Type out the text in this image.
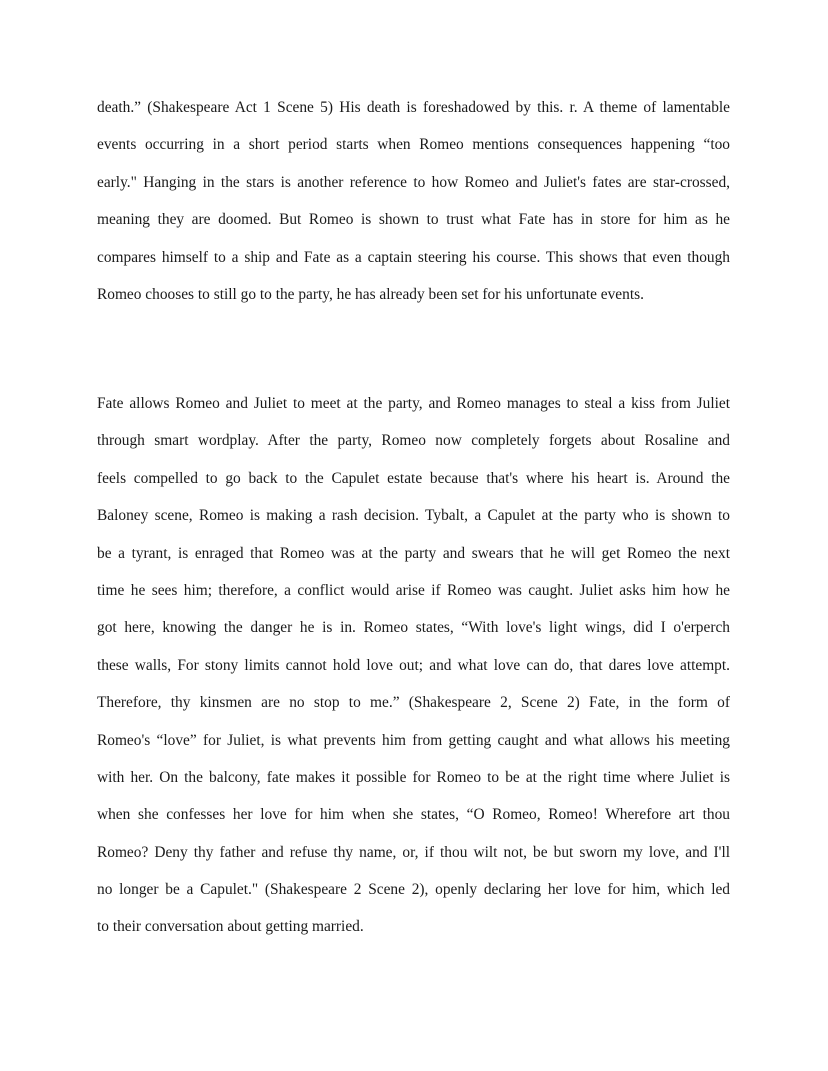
death.” (Shakespeare Act 1 Scene 5) His death is foreshadowed by this. r. A theme of lamentable
events occurring in a short period starts when Romeo mentions consequences happening “too
early." Hanging in the stars is another reference to how Romeo and Juliet's fates are star-crossed,
meaning they are doomed. But Romeo is shown to trust what Fate has in store for him as he
compares himself to a ship and Fate as a captain steering his course. This shows that even though
Romeo chooses to still go to the party, he has already been set for his unfortunate events.

Fate allows Romeo and Juliet to meet at the party, and Romeo manages to steal a kiss from Juliet
through smart wordplay. After the party, Romeo now completely forgets about Rosaline and
feels compelled to go back to the Capulet estate because that's where his heart is. Around the
Baloney scene, Romeo is making a rash decision. Tybalt, a Capulet at the party who is shown to
be a tyrant, is enraged that Romeo was at the party and swears that he will get Romeo the next
time he sees him; therefore, a conflict would arise if Romeo was caught. Juliet asks him how he
got here, knowing the danger he is in. Romeo states, “With love's light wings, did I o'erperch
these walls, For stony limits cannot hold love out; and what love can do, that dares love attempt.
Therefore, thy kinsmen are no stop to me.” (Shakespeare 2, Scene 2) Fate, in the form of
Romeo's “love” for Juliet, is what prevents him from getting caught and what allows his meeting
with her. On the balcony, fate makes it possible for Romeo to be at the right time where Juliet is
when she confesses her love for him when she states, “O Romeo, Romeo! Wherefore art thou
Romeo? Deny thy father and refuse thy name, or, if thou wilt not, be but sworn my love, and I'll
no longer be a Capulet." (Shakespeare 2 Scene 2), openly declaring her love for him, which led
to their conversation about getting married.
